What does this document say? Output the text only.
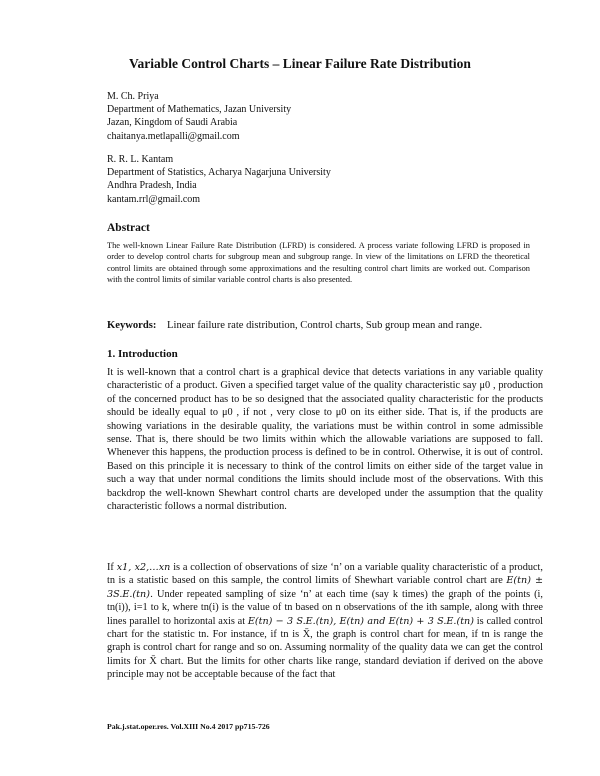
Variable Control Charts – Linear Failure Rate Distribution
M. Ch. Priya
Department of Mathematics, Jazan University
Jazan, Kingdom of Saudi Arabia
chaitanya.metlapalli@gmail.com
R. R. L. Kantam
Department of Statistics, Acharya Nagarjuna University
Andhra Pradesh, India
kantam.rrl@gmail.com
Abstract
The well-known Linear Failure Rate Distribution (LFRD) is considered. A process variate following LFRD is proposed in order to develop control charts for subgroup mean and subgroup range. In view of the limitations on LFRD the theoretical control limits are obtained through some approximations and the resulting control chart limits are worked out. Comparison with the control limits of similar variable control charts is also presented.
Keywords: Linear failure rate distribution, Control charts, Sub group mean and range.
1. Introduction
It is well-known that a control chart is a graphical device that detects variations in any variable quality characteristic of a product. Given a specified target value of the quality characteristic say μ0 , production of the concerned product has to be so designed that the associated quality characteristic for the products should be ideally equal to μ0 , if not , very close to μ0 on its either side. That is, if the products are showing variations in the desirable quality, the variations must be within control in some admissible sense. That is, there should be two limits within which the allowable variations are supposed to fall. Whenever this happens, the production process is defined to be in control. Otherwise, it is out of control. Based on this principle it is necessary to think of the control limits on either side of the target value in such a way that under normal conditions the limits should include most of the observations. With this backdrop the well-known Shewhart control charts are developed under the assumption that the quality characteristic follows a normal distribution.
If x1, x2,…xn is a collection of observations of size ‘n’ on a variable quality characteristic of a product, tn is a statistic based on this sample, the control limits of Shewhart variable control chart are E(tn) ± 3S.E.(tn). Under repeated sampling of size ‘n’ at each time (say k times) the graph of the points (i, tn(i)), i=1 to k, where tn(i) is the value of tn based on n observations of the ith sample, along with three lines parallel to horizontal axis at E(tn) − 3 S.E.(tn), E(tn) and E(tn) + 3 S.E.(tn) is called control chart for the statistic tn. For instance, if tn is X̄, the graph is control chart for mean, if tn is range the graph is control chart for range and so on. Assuming normality of the quality data we can get the control limits for X̄ chart. But the limits for other charts like range, standard deviation if derived on the above principle may not be acceptable because of the fact that
Pak.j.stat.oper.res. Vol.XIII No.4 2017 pp715-726
